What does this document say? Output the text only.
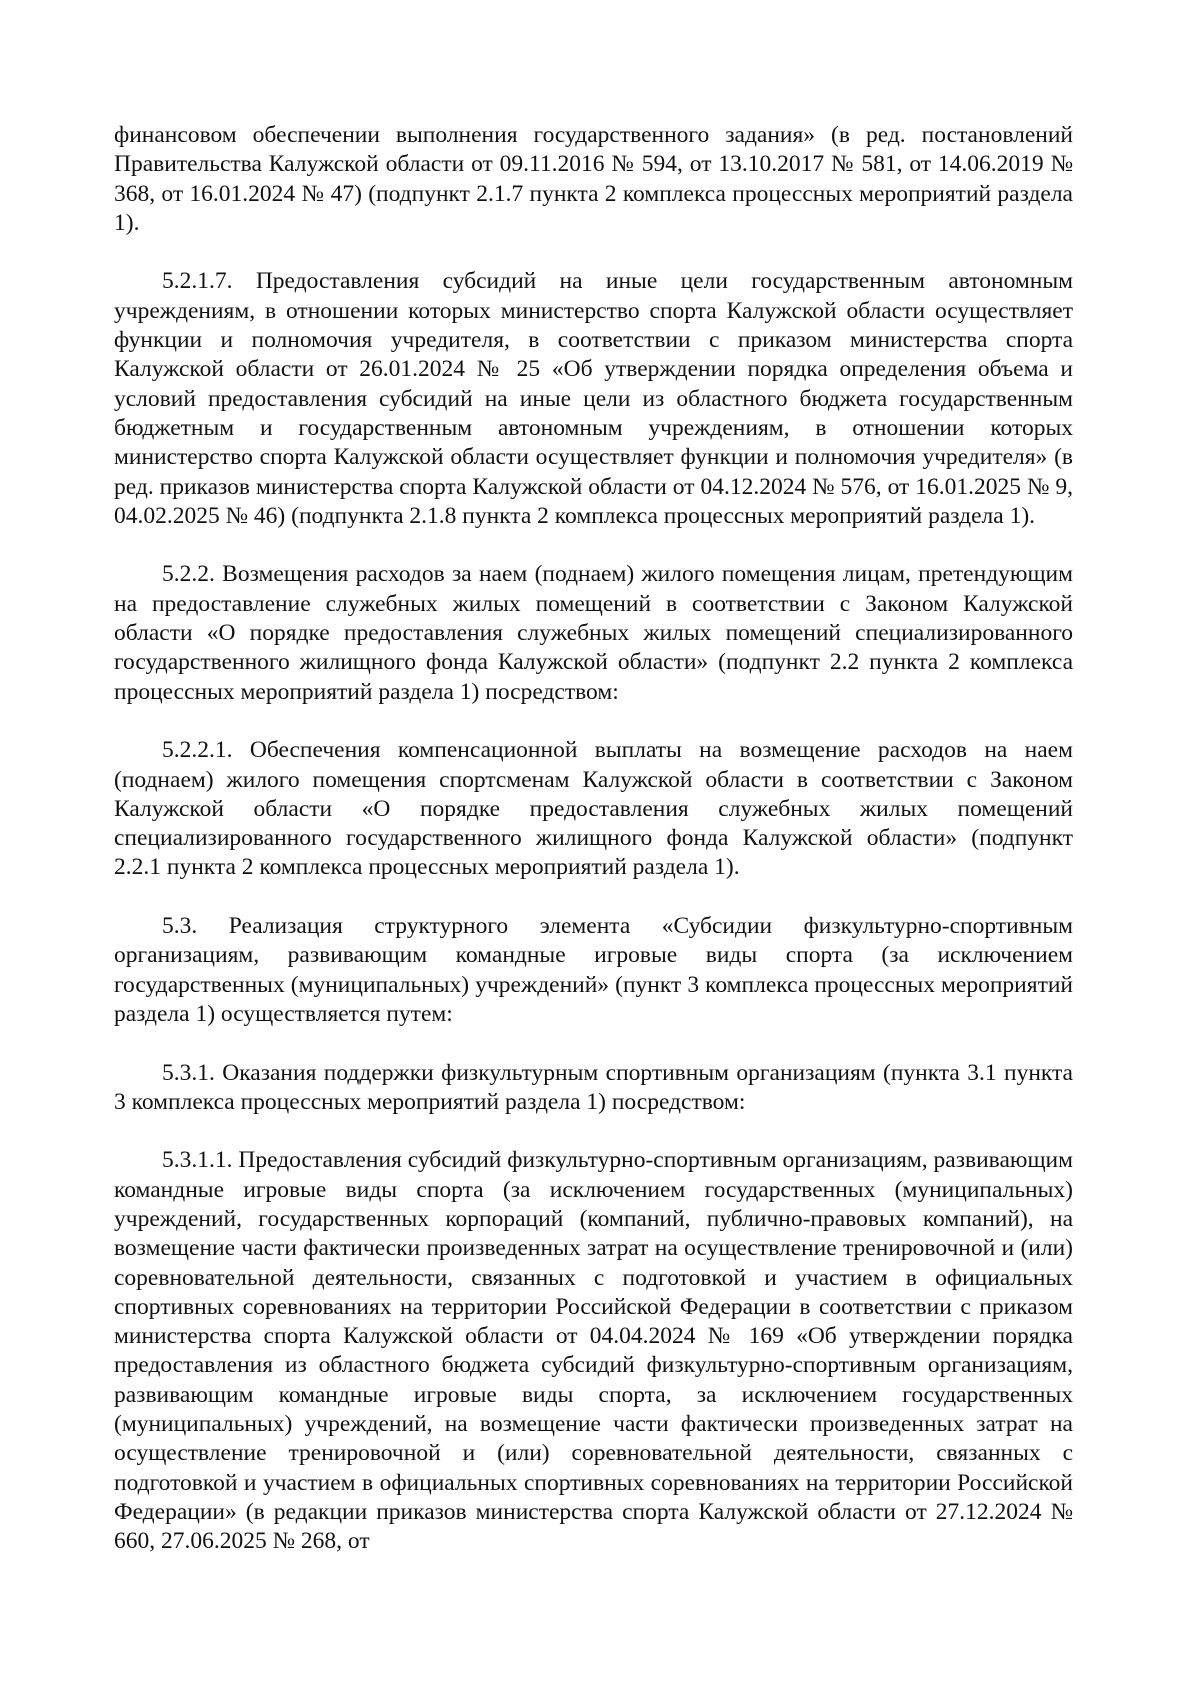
финансовом обеспечении выполнения государственного задания» (в ред. постановлений Правительства Калужской области от 09.11.2016 № 594, от 13.10.2017 № 581, от 14.06.2019 № 368, от 16.01.2024 № 47) (подпункт 2.1.7 пункта 2 комплекса процессных мероприятий раздела 1).

5.2.1.7. Предоставления субсидий на иные цели государственным автономным учреждениям, в отношении которых министерство спорта Калужской области осуществляет функции и полномочия учредителя, в соответствии с приказом министерства спорта Калужской области от 26.01.2024 № 25 «Об утверждении порядка определения объема и условий предоставления субсидий на иные цели из областного бюджета государственным бюджетным и государственным автономным учреждениям, в отношении которых министерство спорта Калужской области осуществляет функции и полномочия учредителя» (в ред. приказов министерства спорта Калужской области от 04.12.2024 № 576, от 16.01.2025 № 9, 04.02.2025 № 46) (подпункта 2.1.8 пункта 2 комплекса процессных мероприятий раздела 1).

5.2.2. Возмещения расходов за наем (поднаем) жилого помещения лицам, претендующим на предоставление служебных жилых помещений в соответствии с Законом Калужской области «О порядке предоставления служебных жилых помещений специализированного государственного жилищного фонда Калужской области» (подпункт 2.2 пункта 2 комплекса процессных мероприятий раздела 1) посредством:

5.2.2.1. Обеспечения компенсационной выплаты на возмещение расходов на наем (поднаем) жилого помещения спортсменам Калужской области в соответствии с Законом Калужской области «О порядке предоставления служебных жилых помещений специализированного государственного жилищного фонда Калужской области» (подпункт 2.2.1 пункта 2 комплекса процессных мероприятий раздела 1).

5.3. Реализация структурного элемента «Субсидии физкультурно-спортивным организациям, развивающим командные игровые виды спорта (за исключением государственных (муниципальных) учреждений» (пункт 3 комплекса процессных мероприятий раздела 1) осуществляется путем:

5.3.1. Оказания поддержки физкультурным спортивным организациям (пункта 3.1 пункта 3 комплекса процессных мероприятий раздела 1) посредством:

5.3.1.1. Предоставления субсидий физкультурно-спортивным организациям, развивающим командные игровые виды спорта (за исключением государственных (муниципальных) учреждений, государственных корпораций (компаний, публично-правовых компаний), на возмещение части фактически произведенных затрат на осуществление тренировочной и (или) соревновательной деятельности, связанных с подготовкой и участием в официальных спортивных соревнованиях на территории Российской Федерации в соответствии с приказом министерства спорта Калужской области от 04.04.2024 № 169 «Об утверждении порядка предоставления из областного бюджета субсидий физкультурно-спортивным организациям, развивающим командные игровые виды спорта, за исключением государственных (муниципальных) учреждений, на возмещение части фактически произведенных затрат на осуществление тренировочной и (или) соревновательной деятельности, связанных с подготовкой и участием в официальных спортивных соревнованиях на территории Российской Федерации» (в редакции приказов министерства спорта Калужской области от 27.12.2024 № 660, 27.06.2025 № 268, от
